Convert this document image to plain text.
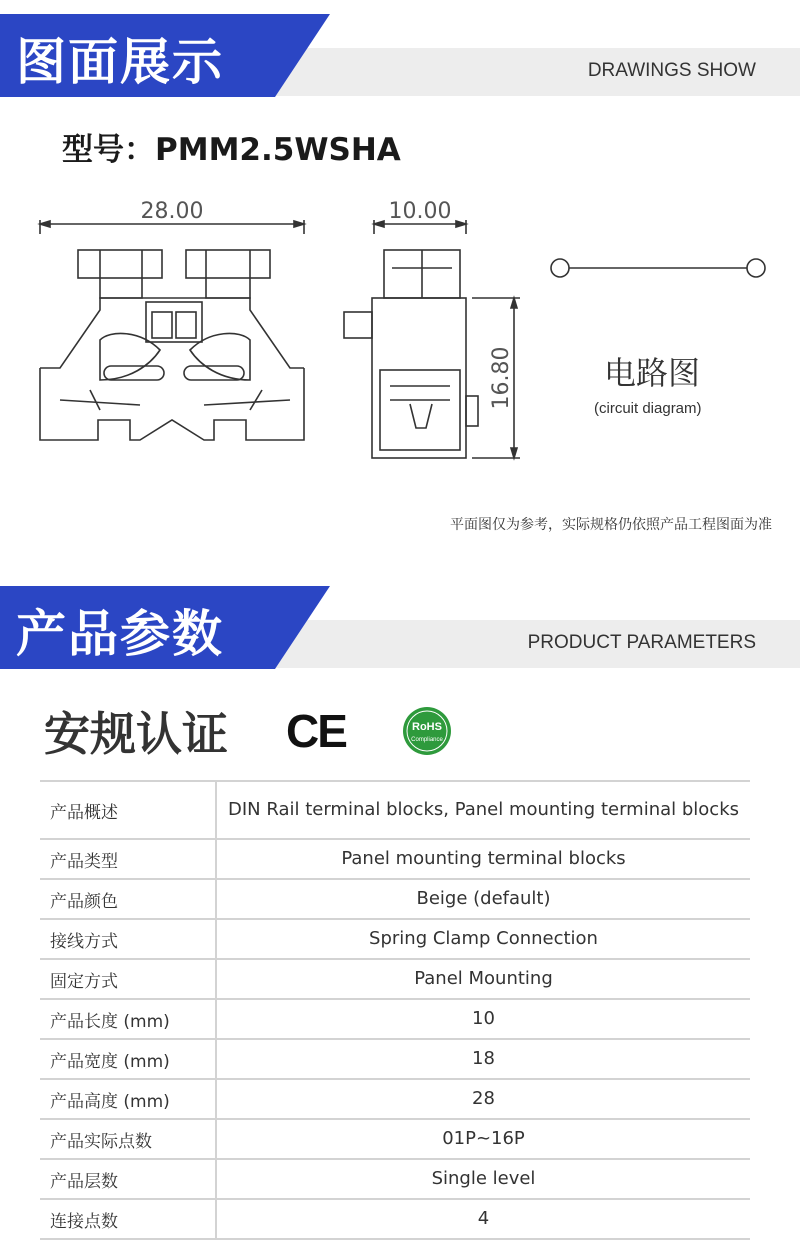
图面展示	DRAWINGS SHOW
型号：PMM2.5WSHA
28.00	10.00
16.80	电路图
(circuit diagram)
平面图仅为参考，实际规格仍依照产品工程图面为准
产品参数	PRODUCT PARAMETERS
安规认证 CE	RoHS
Compliance
产品概述	DIN Rail terminal blocks, Panel mounting terminal blocks
产品类型	Panel mounting terminal blocks
产品颜色	Beige (default)
接线方式	Spring Clamp Connection
固定方式	Panel Mounting
产品长度 (mm)	10
产品宽度 (mm)	18
产品高度 (mm)	28
产品实际点数	01P~16P
产品层数	Single level
连接点数	4
